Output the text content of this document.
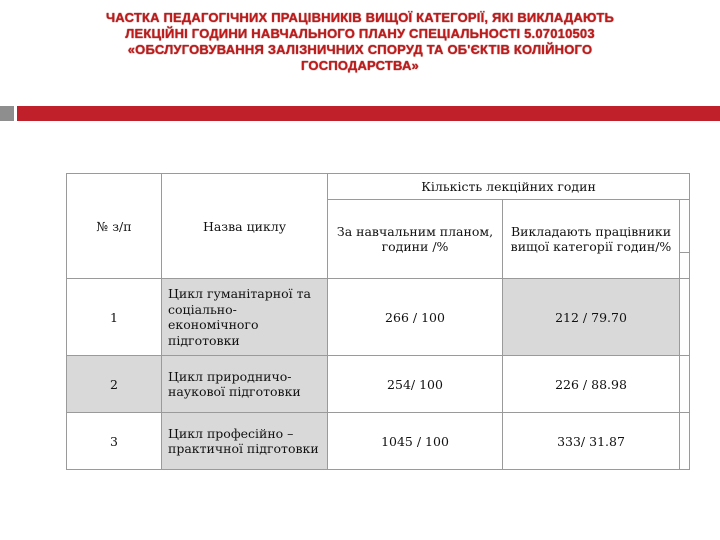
ЧАСТКА ПЕДАГОГІЧНИХ ПРАЦІВНИКІВ ВИЩОЇ КАТЕГОРІЇ, ЯКІ ВИКЛАДАЮТЬ
ЛЕКЦІЙНІ ГОДИНИ НАВЧАЛЬНОГО ПЛАНУ СПЕЦІАЛЬНОСТІ 5.07010503
«ОБСЛУГОВУВАННЯ ЗАЛІЗНИЧНИХ СПОРУД ТА ОБ'ЄКТІВ КОЛІЙНОГО
ГОСПОДАРСТВА»
№ з/п	Назва циклу	Кількість лекційних годин		
		За навчальним планом, години /%	Викладають працівники вищої категорії годин/%	

1	Цикл гуманітарної та соціально-економічного підготовки	266 / 100	212 / 79.70	
2	Цикл природничо-наукової підготовки	254/ 100	226 / 88.98	
3	Цикл професійно – практичної підготовки	1045 / 100	333/ 31.87	
